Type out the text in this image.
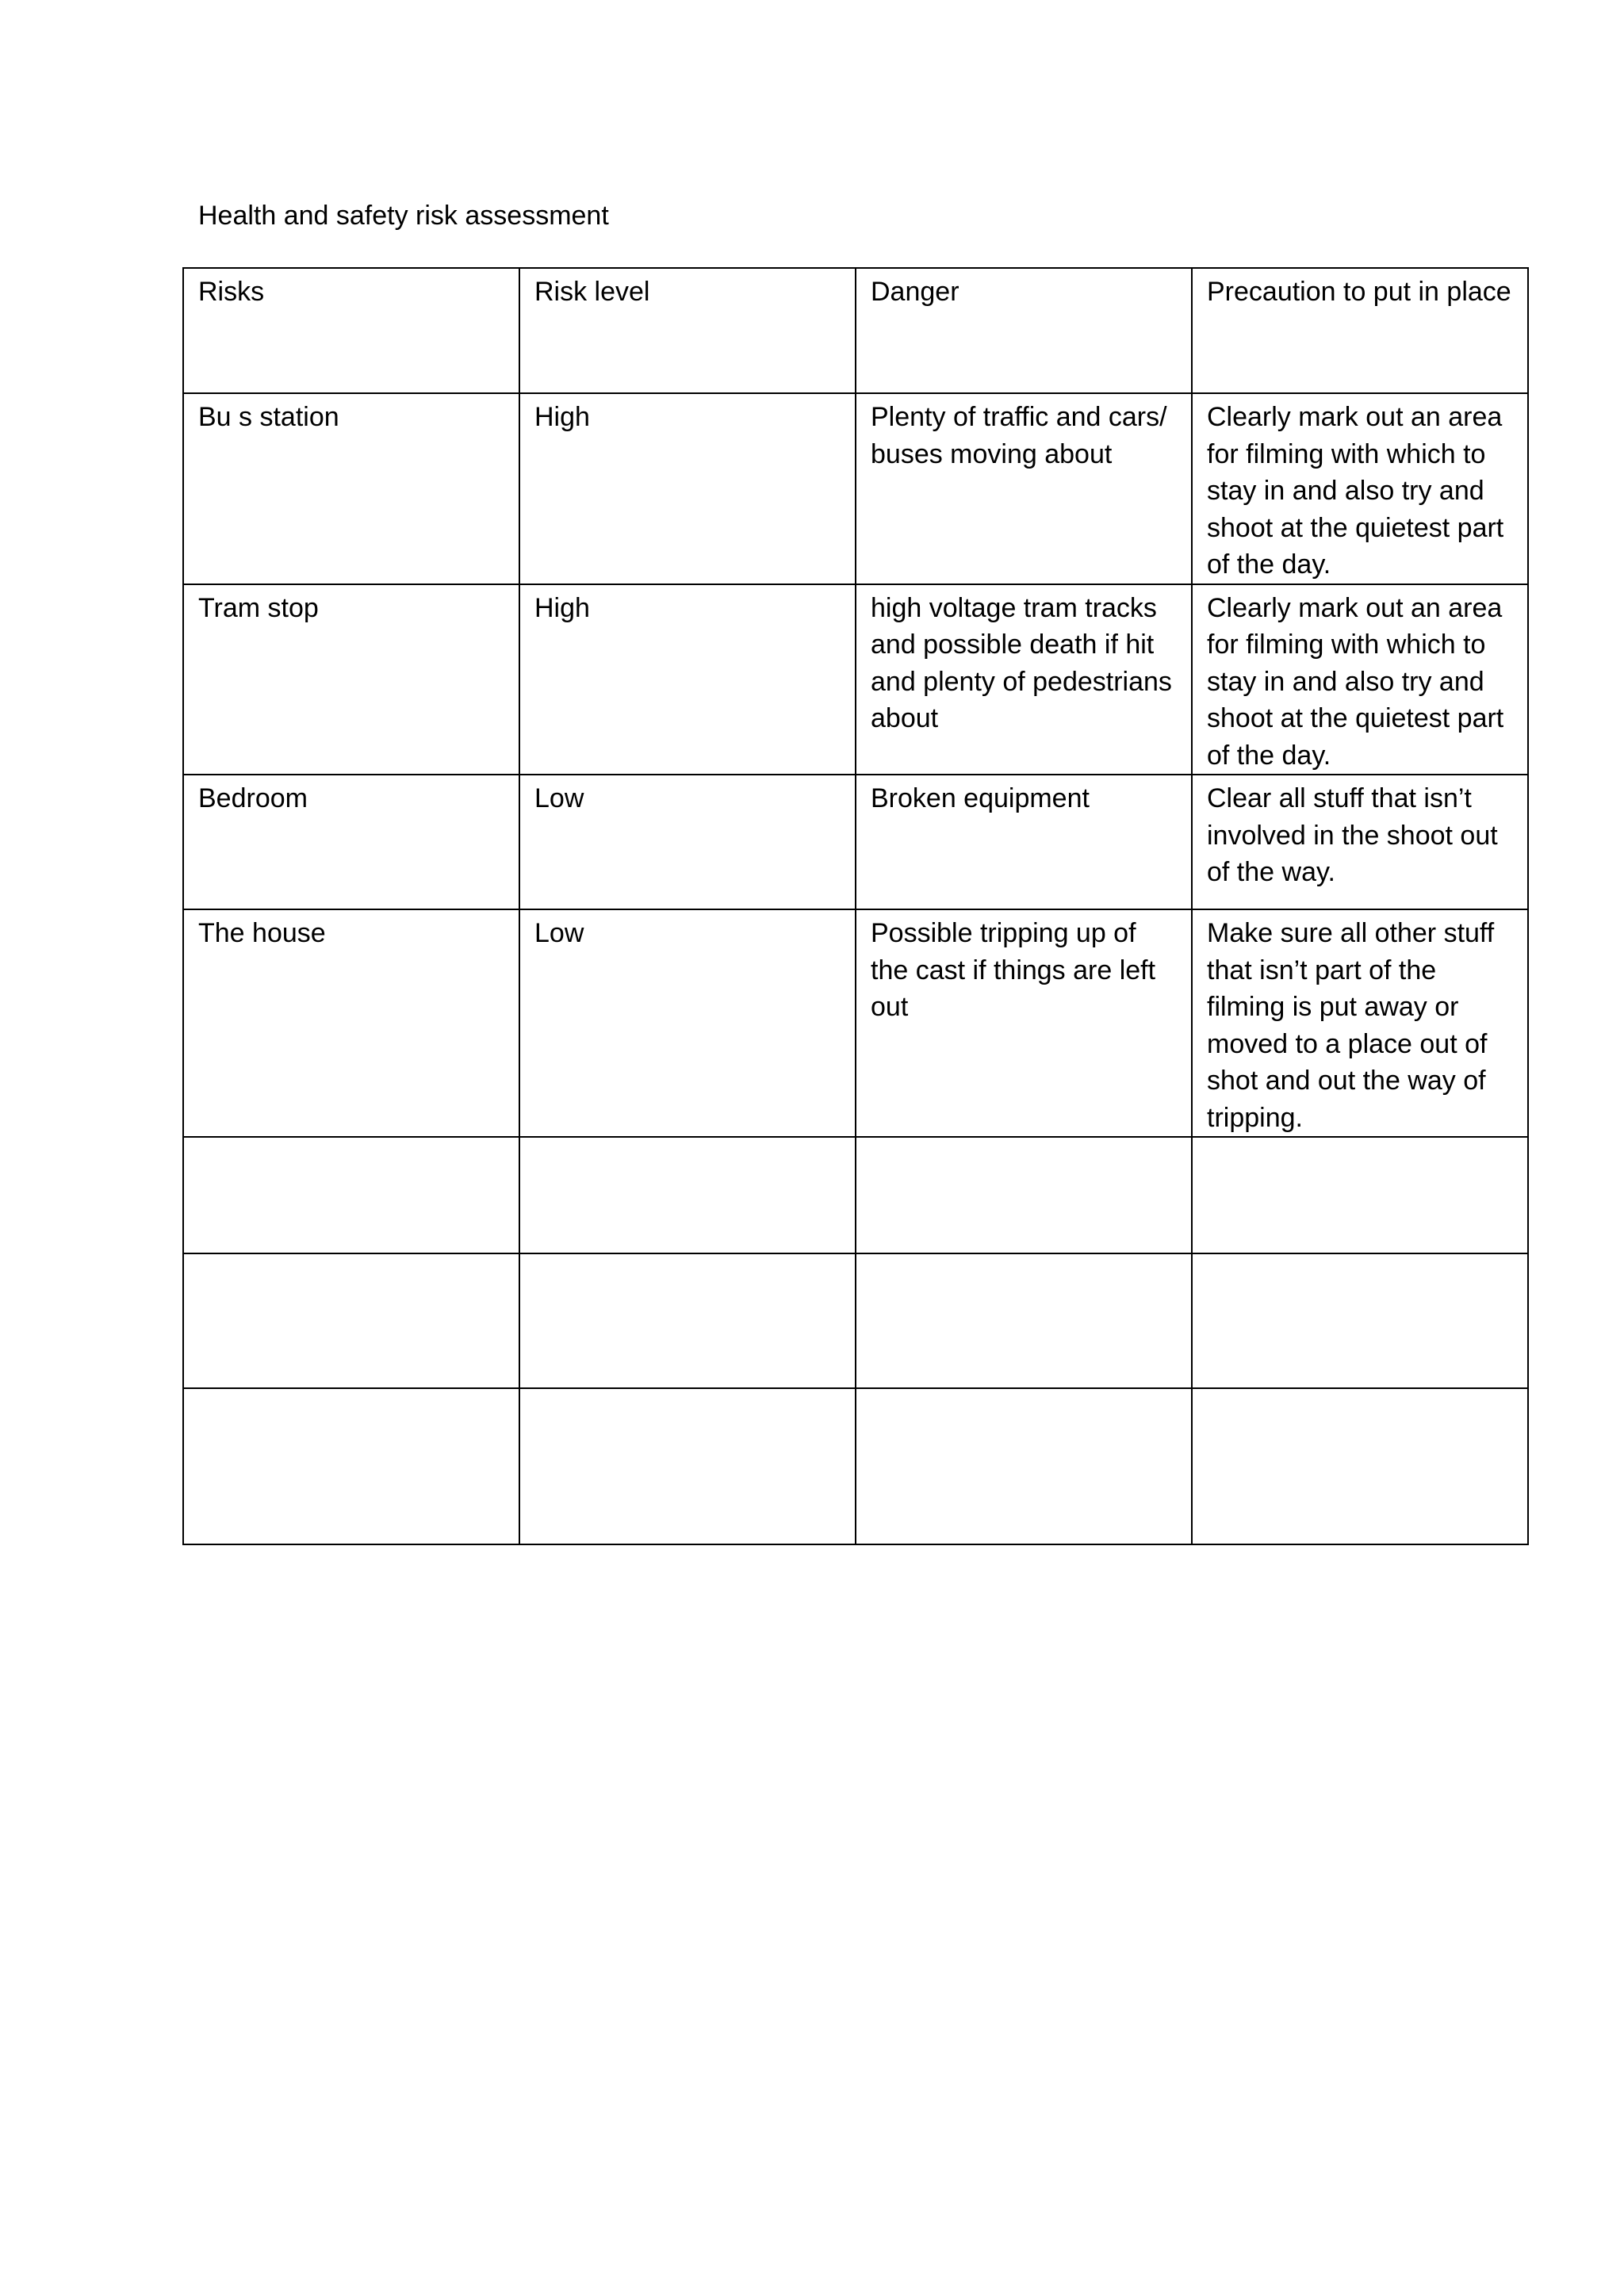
Health and safety risk assessment
Risks	Risk level	Danger	Precaution to put in place
Bu s station	High	Plenty of traffic and cars/ buses moving about	Clearly mark out an area for filming with which to stay in and also try and shoot at the quietest part of the day.
Tram stop	High	high voltage tram tracks and possible death if hit and plenty of pedestrians about	Clearly mark out an area for filming with which to stay in and also try and shoot at the quietest part of the day.
Bedroom	Low	Broken equipment	Clear all stuff that isn’t involved in the shoot out of the way.
The house	Low	Possible tripping up of the cast if things are left out	Make sure all other stuff that isn’t part of the filming is put away or moved to a place out of shot and out the way of tripping.
